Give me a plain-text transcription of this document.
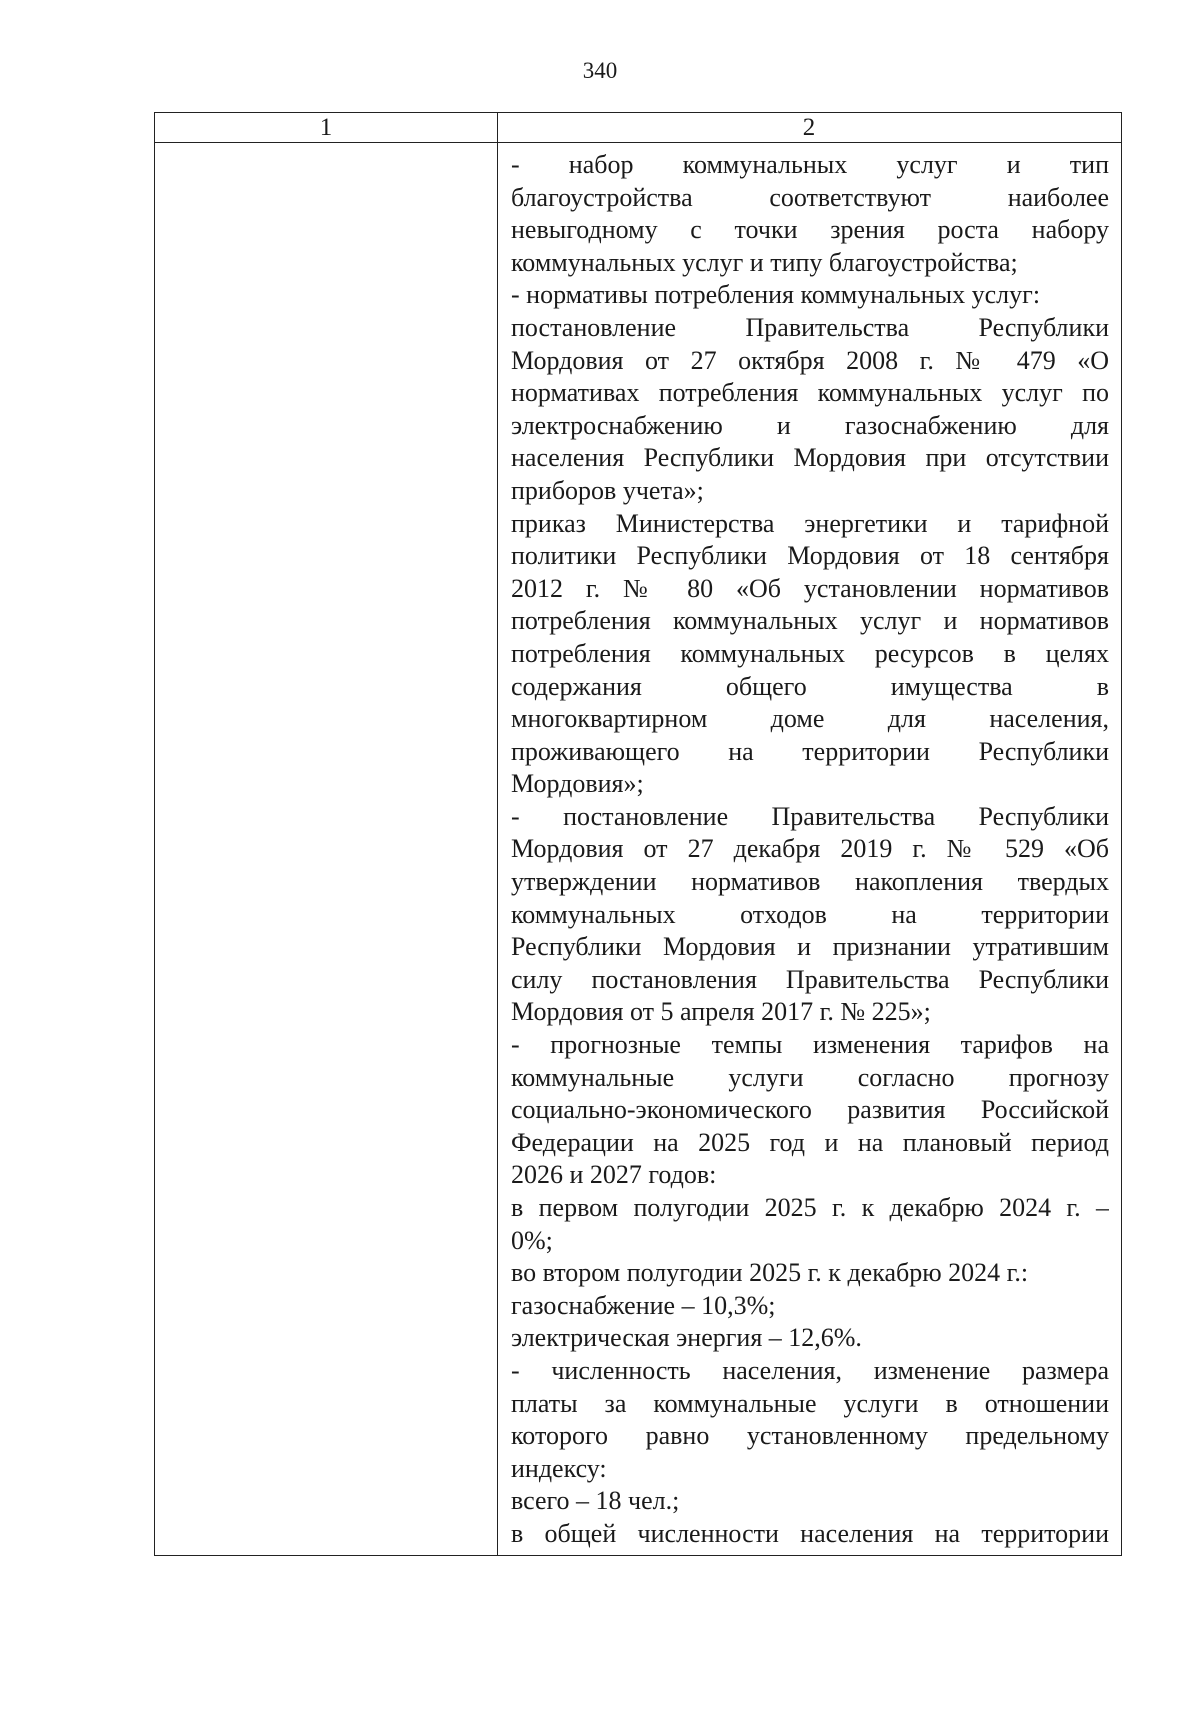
340
1	2
- набор коммунальных услуг и тип
благоустройства соответствуют наиболее
невыгодному с точки зрения роста набору
коммунальных услуг и типу благоустройства;
- нормативы потребления коммунальных услуг:
постановление Правительства Республики
Мордовия от 27 октября 2008 г. № 479 «О
нормативах потребления коммунальных услуг по
электроснабжению и газоснабжению для
населения Республики Мордовия при отсутствии
приборов учета»;
приказ Министерства энергетики и тарифной
политики Республики Мордовия от 18 сентября
2012 г. № 80 «Об установлении нормативов
потребления коммунальных услуг и нормативов
потребления коммунальных ресурсов в целях
содержания общего имущества в
многоквартирном доме для населения,
проживающего на территории Республики
Мордовия»;
- постановление Правительства Республики
Мордовия от 27 декабря 2019 г. № 529 «Об
утверждении нормативов накопления твердых
коммунальных отходов на территории
Республики Мордовия и признании утратившим
силу постановления Правительства Республики
Мордовия от 5 апреля 2017 г. № 225»;
- прогнозные темпы изменения тарифов на
коммунальные услуги согласно прогнозу
социально-экономического развития Российской
Федерации на 2025 год и на плановый период
2026 и 2027 годов:
в первом полугодии 2025 г. к декабрю 2024 г. –
0%;
во втором полугодии 2025 г. к декабрю 2024 г.:
газоснабжение – 10,3%;
электрическая энергия – 12,6%.
- численность населения, изменение размера
платы за коммунальные услуги в отношении
которого равно установленному предельному
индексу:
всего – 18 чел.;
в общей численности населения на территории
